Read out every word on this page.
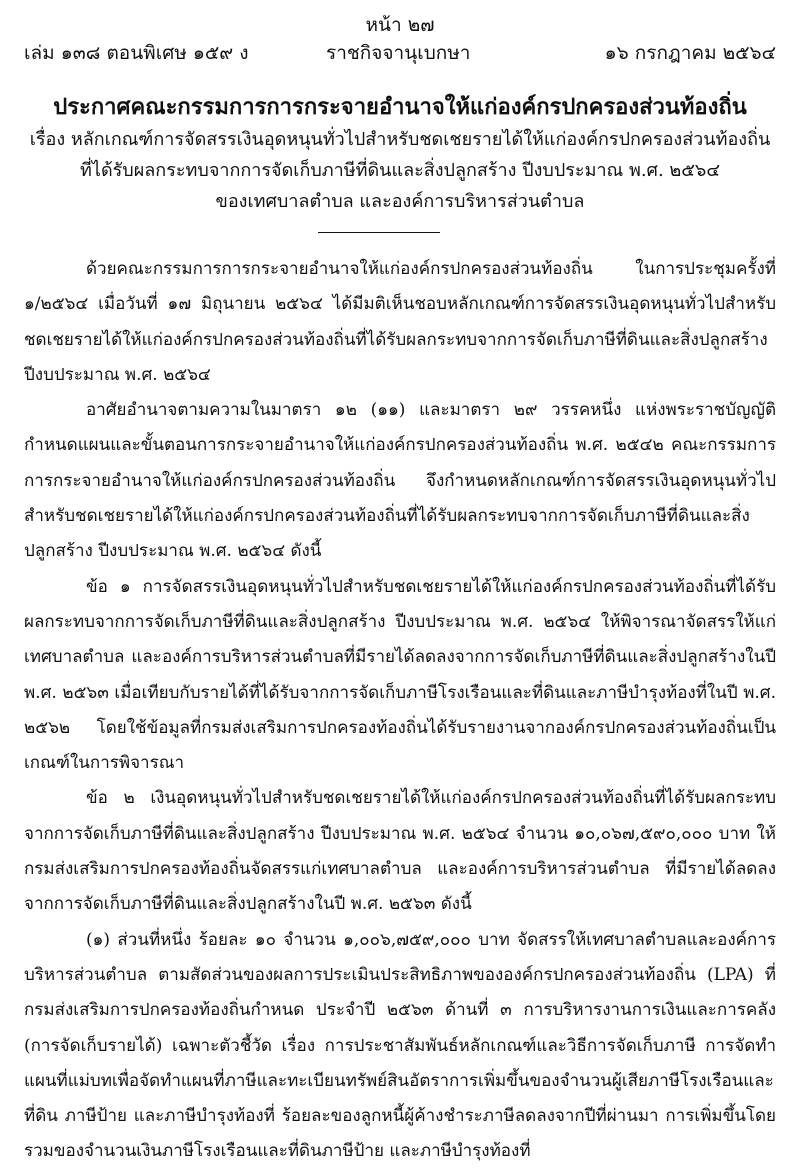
หน้า ๒๗
เล่ม ๑๓๘ ตอนพิเศษ ๑๕๙ ง	ราชกิจจานุเบกษา	๑๖ กรกฎาคม ๒๕๖๔
ประกาศคณะกรรมการการกระจายอำนาจให้แก่องค์กรปกครองส่วนท้องถิ่น
เรื่อง หลักเกณฑ์การจัดสรรเงินอุดหนุนทั่วไปสำหรับชดเชยรายได้ให้แก่องค์กรปกครองส่วนท้องถิ่น
ที่ได้รับผลกระทบจากการจัดเก็บภาษีที่ดินและสิ่งปลูกสร้าง ปีงบประมาณ พ.ศ. ๒๕๖๔
ของเทศบาลตำบล และองค์การบริหารส่วนตำบล

ด้วยคณะกรรมการการกระจายอำนาจให้แก่องค์กรปกครองส่วนท้องถิ่น ในการประชุมครั้งที่ ๑/๒๕๖๔ เมื่อวันที่ ๑๗ มิถุนายน ๒๕๖๔ ได้มีมติเห็นชอบหลักเกณฑ์การจัดสรรเงินอุดหนุนทั่วไปสำหรับชดเชยรายได้ให้แก่องค์กรปกครองส่วนท้องถิ่นที่ได้รับผลกระทบจากการจัดเก็บภาษีที่ดินและสิ่งปลูกสร้าง ปีงบประมาณ พ.ศ. ๒๕๖๔

อาศัยอำนาจตามความในมาตรา ๑๒ (๑๑) และมาตรา ๒๙ วรรคหนึ่ง แห่งพระราชบัญญัติกำหนดแผนและขั้นตอนการกระจายอำนาจให้แก่องค์กรปกครองส่วนท้องถิ่น พ.ศ. ๒๕๔๒ คณะกรรมการการกระจายอำนาจให้แก่องค์กรปกครองส่วนท้องถิ่น จึงกำหนดหลักเกณฑ์การจัดสรรเงินอุดหนุนทั่วไปสำหรับชดเชยรายได้ให้แก่องค์กรปกครองส่วนท้องถิ่นที่ได้รับผลกระทบจากการจัดเก็บภาษีที่ดินและสิ่งปลูกสร้าง ปีงบประมาณ พ.ศ. ๒๕๖๔ ดังนี้

ข้อ ๑ การจัดสรรเงินอุดหนุนทั่วไปสำหรับชดเชยรายได้ให้แก่องค์กรปกครองส่วนท้องถิ่นที่ได้รับผลกระทบจากการจัดเก็บภาษีที่ดินและสิ่งปลูกสร้าง ปีงบประมาณ พ.ศ. ๒๕๖๔ ให้พิจารณาจัดสรรให้แก่เทศบาลตำบล และองค์การบริหารส่วนตำบลที่มีรายได้ลดลงจากการจัดเก็บภาษีที่ดินและสิ่งปลูกสร้างในปี พ.ศ. ๒๕๖๓ เมื่อเทียบกับรายได้ที่ได้รับจากการจัดเก็บภาษีโรงเรือนและที่ดินและภาษีบำรุงท้องที่ในปี พ.ศ. ๒๕๖๒ โดยใช้ข้อมูลที่กรมส่งเสริมการปกครองท้องถิ่นได้รับรายงานจากองค์กรปกครองส่วนท้องถิ่นเป็นเกณฑ์ในการพิจารณา

ข้อ ๒ เงินอุดหนุนทั่วไปสำหรับชดเชยรายได้ให้แก่องค์กรปกครองส่วนท้องถิ่นที่ได้รับผลกระทบจากการจัดเก็บภาษีที่ดินและสิ่งปลูกสร้าง ปีงบประมาณ พ.ศ. ๒๕๖๔ จำนวน ๑๐,๐๖๗,๕๙๐,๐๐๐ บาท ให้กรมส่งเสริมการปกครองท้องถิ่นจัดสรรแก่เทศบาลตำบล และองค์การบริหารส่วนตำบล ที่มีรายได้ลดลงจากการจัดเก็บภาษีที่ดินและสิ่งปลูกสร้างในปี พ.ศ. ๒๕๖๓ ดังนี้

(๑) ส่วนที่หนึ่ง ร้อยละ ๑๐ จำนวน ๑,๐๐๖,๗๕๙,๐๐๐ บาท จัดสรรให้เทศบาลตำบลและองค์การบริหารส่วนตำบล ตามสัดส่วนของผลการประเมินประสิทธิภาพขององค์กรปกครองส่วนท้องถิ่น (LPA) ที่กรมส่งเสริมการปกครองท้องถิ่นกำหนด ประจำปี ๒๕๖๓ ด้านที่ ๓ การบริหารงานการเงินและการคลัง (การจัดเก็บรายได้) เฉพาะตัวชี้วัด เรื่อง การประชาสัมพันธ์หลักเกณฑ์และวิธีการจัดเก็บภาษี การจัดทำแผนที่แม่บทเพื่อจัดทำแผนที่ภาษีและทะเบียนทรัพย์สินอัตราการเพิ่มขึ้นของจำนวนผู้เสียภาษีโรงเรือนและที่ดิน ภาษีป้าย และภาษีบำรุงท้องที่ ร้อยละของลูกหนี้ผู้ค้างชำระภาษีลดลงจากปีที่ผ่านมา การเพิ่มขึ้นโดยรวมของจำนวนเงินภาษีโรงเรือนและที่ดินภาษีป้าย และภาษีบำรุงท้องที่
